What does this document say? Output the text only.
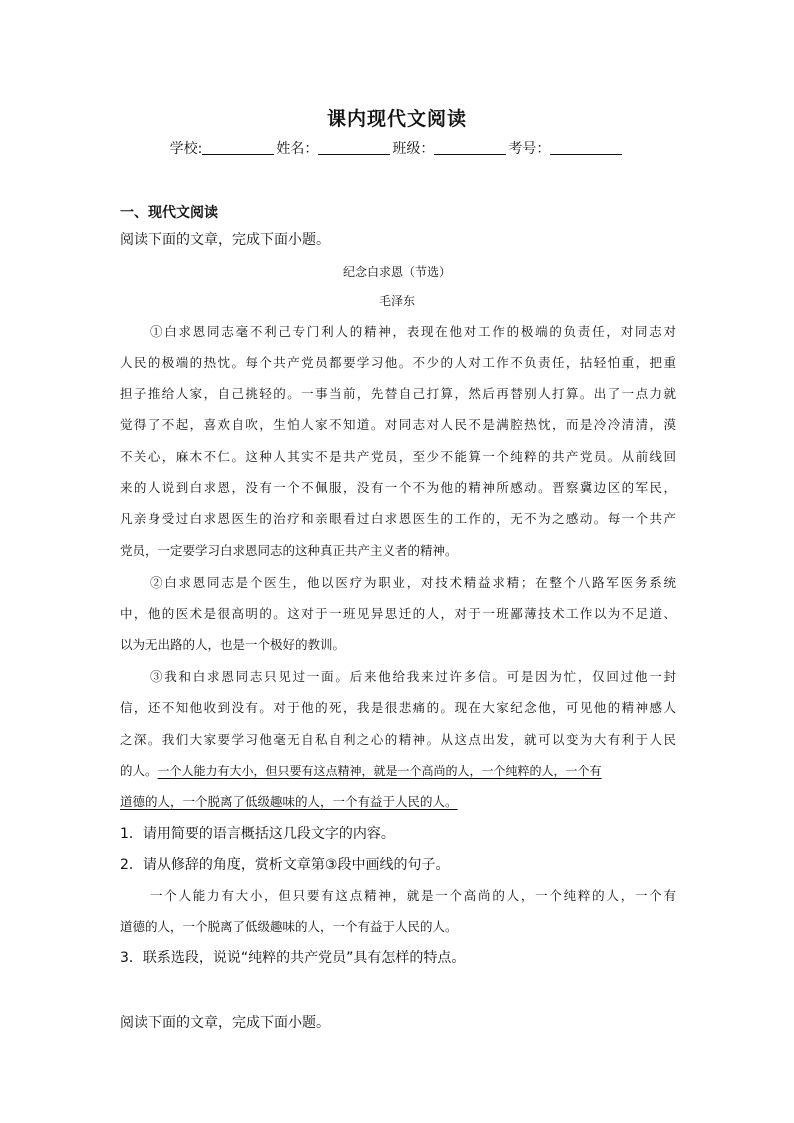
课内现代文阅读
学校:	姓名：	班级：	考号：
一、现代文阅读
阅读下面的文章，完成下面小题。
纪念白求恩（节选）
毛泽东
①白求恩同志毫不利己专门利人的精神，表现在他对工作的极端的负责任，对同志对
人民的极端的热忱。每个共产党员都要学习他。不少的人对工作不负责任，拈轻怕重，把重
担子推给人家，自己挑轻的。一事当前，先替自己打算，然后再替别人打算。出了一点力就
觉得了不起，喜欢自吹，生怕人家不知道。对同志对人民不是满腔热忱，而是冷冷清清，漠
不关心，麻木不仁。这种人其实不是共产党员，至少不能算一个纯粹的共产党员。从前线回
来的人说到白求恩，没有一个不佩服，没有一个不为他的精神所感动。晋察冀边区的军民，
凡亲身受过白求恩医生的治疗和亲眼看过白求恩医生的工作的，无不为之感动。每一个共产
党员，一定要学习白求恩同志的这种真正共产主义者的精神。
②白求恩同志是个医生，他以医疗为职业，对技术精益求精；在整个八路军医务系统
中，他的医术是很高明的。这对于一班见异思迁的人，对于一班鄙薄技术工作以为不足道、
以为无出路的人，也是一个极好的教训。
③我和白求恩同志只见过一面。后来他给我来过许多信。可是因为忙，仅回过他一封
信，还不知他收到没有。对于他的死，我是很悲痛的。现在大家纪念他，可见他的精神感人
之深。我们大家要学习他毫无自私自利之心的精神。从这点出发，就可以变为大有利于人民
的人。一个人能力有大小，但只要有这点精神，就是一个高尚的人，一个纯粹的人，一个有
道德的人，一个脱离了低级趣味的人，一个有益于人民的人。
1．请用简要的语言概括这几段文字的内容。
2．请从修辞的角度，赏析文章第③段中画线的句子。
一个人能力有大小，但只要有这点精神，就是一个高尚的人，一个纯粹的人，一个有
道德的人，一个脱离了低级趣味的人，一个有益于人民的人。
3．联系选段，说说“纯粹的共产党员”具有怎样的特点。
阅读下面的文章，完成下面小题。
